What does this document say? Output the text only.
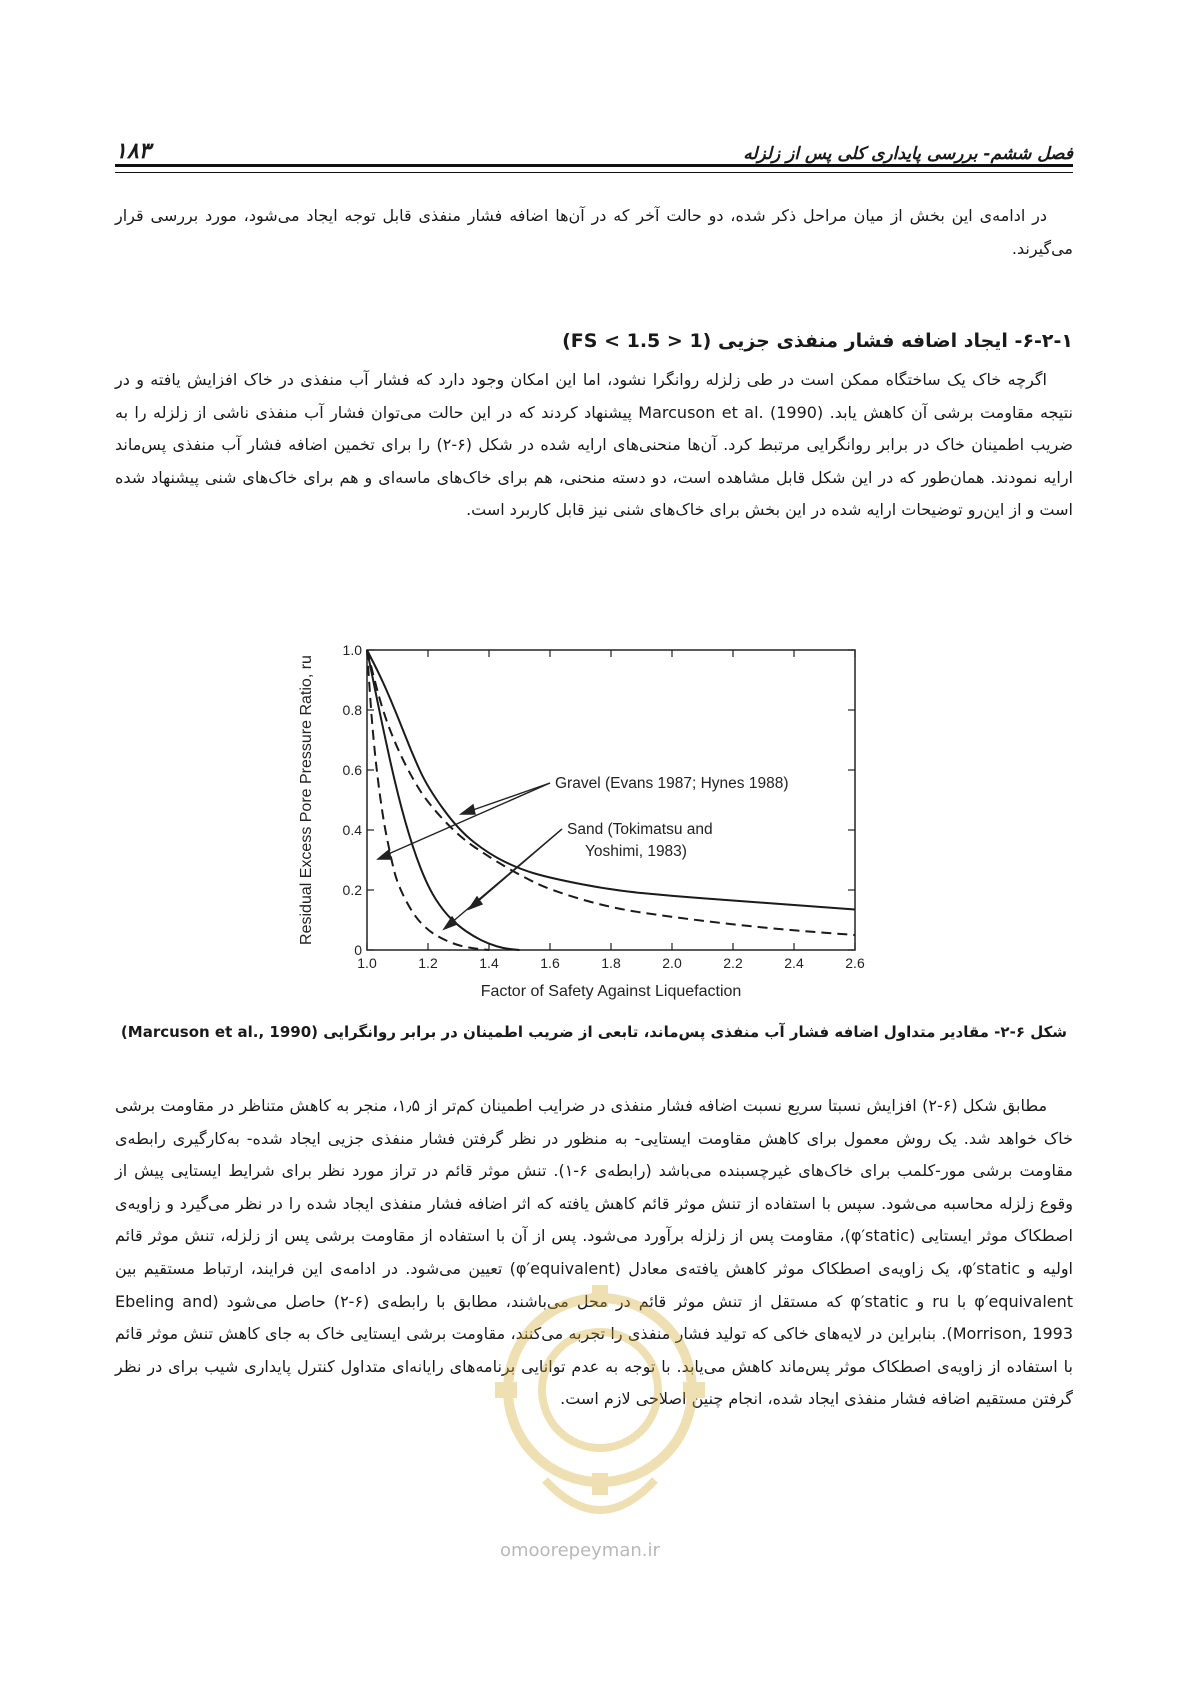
۱۸۳	فصل ششم- بررسی پایداری کلی پس از زلزله

در ادامه‌ی این بخش از میان مراحل ذکر شده، دو حالت آخر که در آن‌ها اضافه فشار منفذی قابل توجه ایجاد می‌شود، مورد بررسی قرار می‌گیرند.

۶-۲-۱- ایجاد اضافه فشار منفذی جزیی (1 < FS < 1.5)

اگرچه خاک یک ساختگاه ممکن است در طی زلزله روانگرا نشود، اما این امکان وجود دارد که فشار آب منفذی در خاک افزایش یافته و در نتیجه مقاومت برشی آن کاهش یابد. Marcuson et al. (1990) پیشنهاد کردند که در این حالت می‌توان فشار آب منفذی ناشی از زلزله را به ضریب اطمینان خاک در برابر روانگرایی مرتبط کرد. آن‌ها منحنی‌های ارایه شده در شکل (۶-۲) را برای تخمین اضافه فشار آب منفذی پس‌ماند ارایه نمودند. همان‌طور که در این شکل قابل مشاهده است، دو دسته منحنی، هم برای خاک‌های ماسه‌ای و هم برای خاک‌های شنی پیشنهاد شده است و از این‌رو توضیحات ارایه شده در این بخش برای خاک‌های شنی نیز قابل کاربرد است.

0
0.2
0.4
0.6
0.8
1.0
1.0	1.2	1.4	1.6	1.8	2.0	2.2	2.4	2.6
Gravel (Evans 1987; Hynes 1988)
Sand (Tokimatsu and
Yoshimi, 1983)
Factor of Safety Against Liquefaction
Residual Excess Pore Pressure Ratio, ru
شکل ۶-۲- مقادیر متداول اضافه فشار آب منفذی پس‌ماند، تابعی از ضریب اطمینان در برابر روانگرایی (Marcuson et al., 1990)

مطابق شکل (۶-۲) افزایش نسبتا سریع نسبت اضافه فشار منفذی در ضرایب اطمینان کم‌تر از ۱٫۵، منجر به کاهش متناظر در مقاومت برشی خاک خواهد شد. یک روش معمول برای کاهش مقاومت ایستایی- به منظور در نظر گرفتن فشار منفذی جزیی ایجاد شده- به‌کارگیری رابطه‌ی مقاومت برشی مور-کلمب برای خاک‌های غیرچسبنده می‌باشد (رابطه‌ی ۶-۱). تنش موثر قائم در تراز مورد نظر برای شرایط ایستایی پیش از وقوع زلزله محاسبه می‌شود. سپس با استفاده از تنش موثر قائم کاهش یافته که اثر اضافه فشار منفذی ایجاد شده را در نظر می‌گیرد و زاویه‌ی اصطکاک موثر ایستایی (φ′static)، مقاومت پس از زلزله برآورد می‌شود. پس از آن با استفاده از مقاومت برشی پس از زلزله، تنش موثر قائم اولیه و φ′static، یک زاویه‌ی اصطکاک موثر کاهش یافته‌ی معادل (φ′equivalent) تعیین می‌شود. در ادامه‌ی این فرایند، ارتباط مستقیم بین φ′equivalent با ru و φ′static که مستقل از تنش موثر قائم در محل می‌باشند، مطابق با رابطه‌ی (۶-۲) حاصل می‌شود (Ebeling and Morrison, 1993). بنابراین در لایه‌های خاکی که تولید فشار منفذی را تجربه می‌کنند، مقاومت برشی ایستایی خاک به جای کاهش تنش موثر قائم با استفاده از زاویه‌ی اصطکاک موثر پس‌ماند کاهش می‌یابد. با توجه به عدم توانایی برنامه‌های رایانه‌ای متداول کنترل پایداری شیب برای در نظر گرفتن مستقیم اضافه فشار منفذی ایجاد شده، انجام چنین اصلاحی لازم است.

omoorepeyman.ir
